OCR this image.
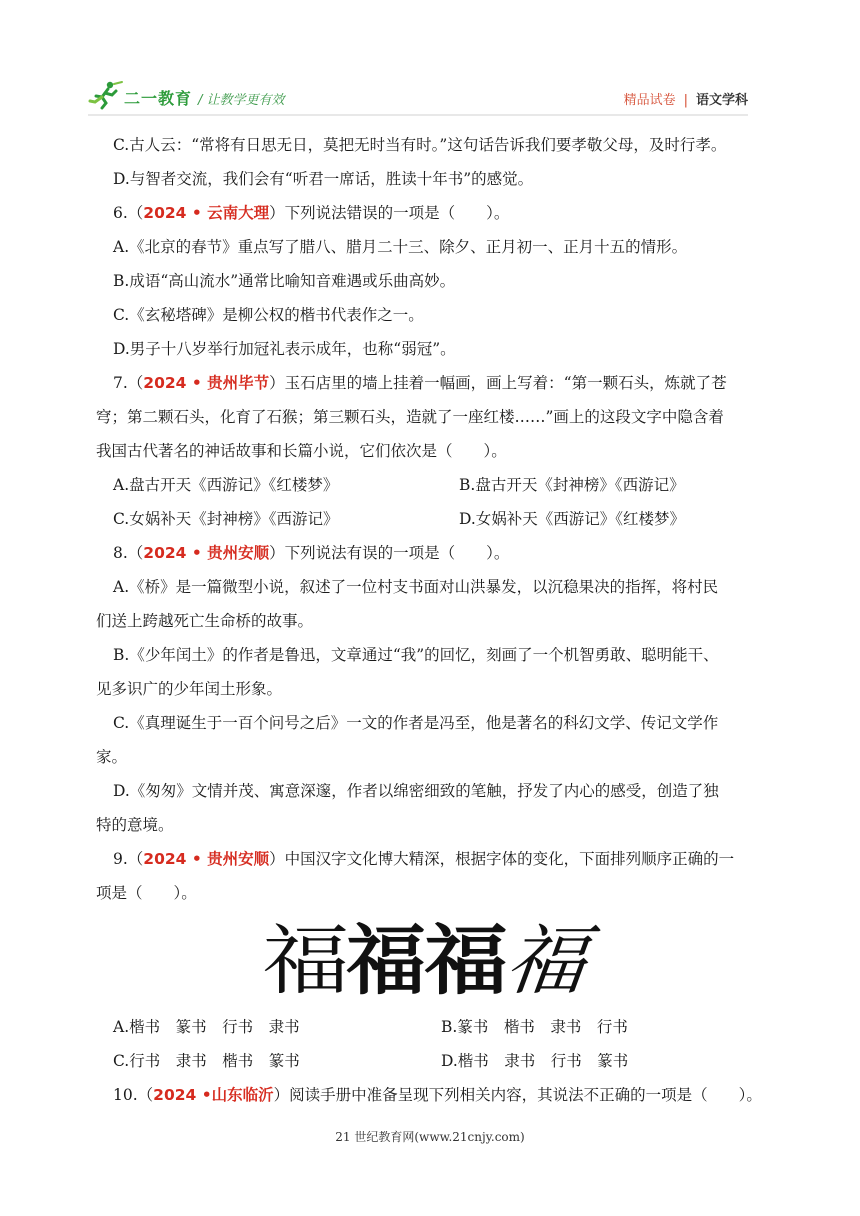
二一教育 / 让教学更有效	精品试卷 | 语文学科
C.古人云：“常将有日思无日，莫把无时当有时。”这句话告诉我们要孝敬父母，及时行孝。
D.与智者交流，我们会有“听君一席话，胜读十年书”的感觉。
6.（2024 • 云南大理）下列说法错误的一项是（　　）。
A.《北京的春节》重点写了腊八、腊月二十三、除夕、正月初一、正月十五的情形。
B.成语“高山流水”通常比喻知音难遇或乐曲高妙。
C.《玄秘塔碑》是柳公权的楷书代表作之一。
D.男子十八岁举行加冠礼表示成年，也称“弱冠”。
7.（2024 • 贵州毕节）玉石店里的墙上挂着一幅画，画上写着：“第一颗石头，炼就了苍
穹；第二颗石头，化育了石猴；第三颗石头，造就了一座红楼……”画上的这段文字中隐含着
我国古代著名的神话故事和长篇小说，它们依次是（　　）。
A.盘古开天《西游记》《红楼梦》	B.盘古开天《封神榜》《西游记》
C.女娲补天《封神榜》《西游记》	D.女娲补天《西游记》《红楼梦》
8.（2024 • 贵州安顺）下列说法有误的一项是（　　）。
A.《桥》是一篇微型小说，叙述了一位村支书面对山洪暴发，以沉稳果决的指挥，将村民
们送上跨越死亡生命桥的故事。
B.《少年闰土》的作者是鲁迅，文章通过“我”的回忆，刻画了一个机智勇敢、聪明能干、
见多识广的少年闰土形象。
C.《真理诞生于一百个问号之后》一文的作者是冯至，他是著名的科幻文学、传记文学作
家。
D.《匆匆》文情并茂、寓意深邃，作者以绵密细致的笔触，抒发了内心的感受，创造了独
特的意境。
9.（2024 • 贵州安顺）中国汉字文化博大精深，根据字体的变化，下面排列顺序正确的一
项是（　　）。
福
福
福
福
A.楷书　篆书　行书　隶书	B.篆书　楷书　隶书　行书
C.行书　隶书　楷书　篆书	D.楷书　隶书　行书　篆书
10.（2024 •山东临沂）阅读手册中准备呈现下列相关内容，其说法不正确的一项是（　　）。
21 世纪教育网(www.21cnjy.com)
